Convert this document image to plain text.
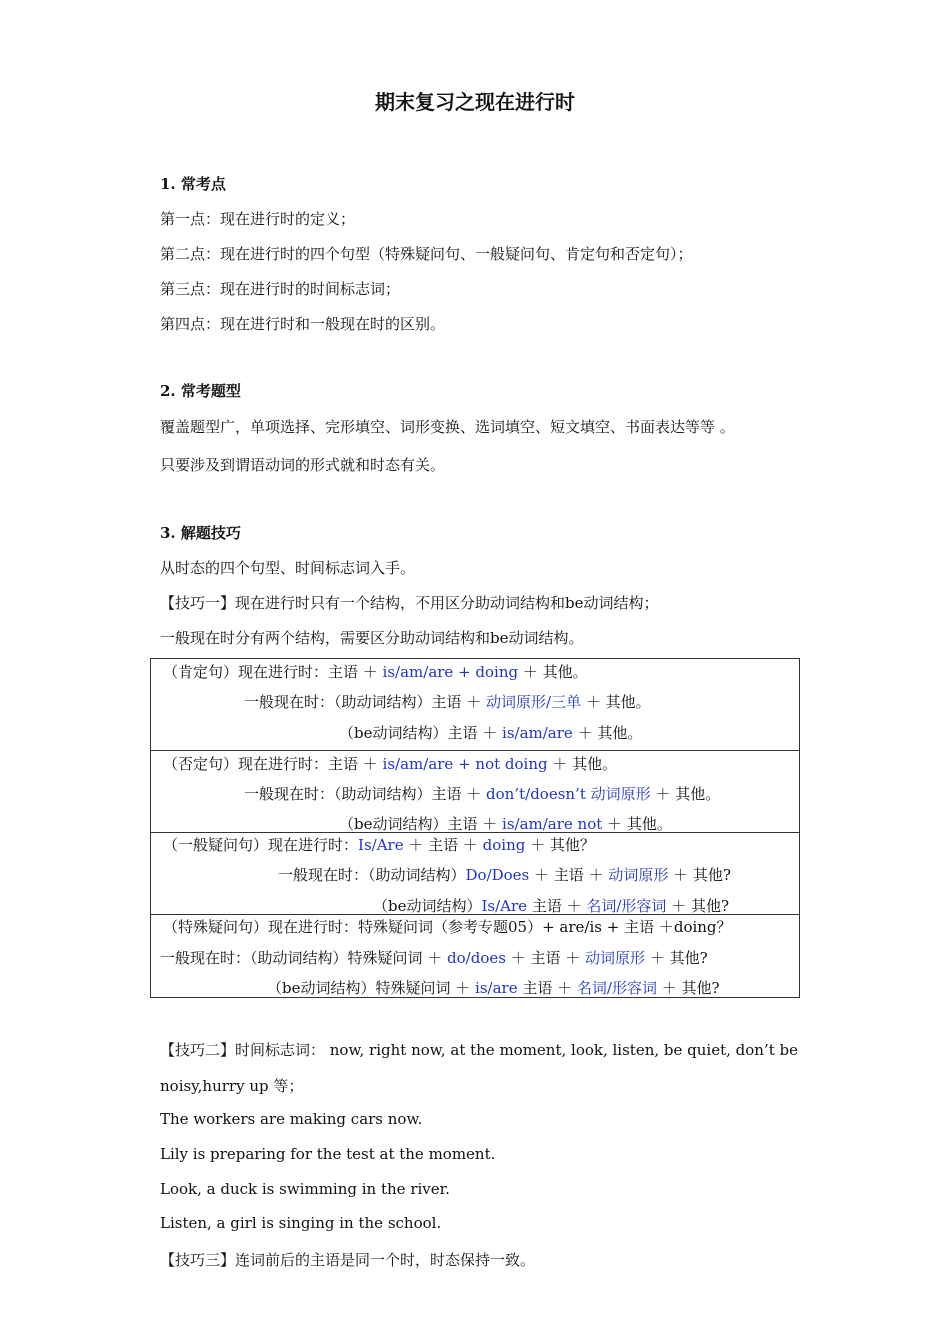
期末复习之现在进行时
1. 常考点
第一点：现在进行时的定义；
第二点：现在进行时的四个句型（特殊疑问句、一般疑问句、肯定句和否定句）；
第三点：现在进行时的时间标志词；
第四点：现在进行时和一般现在时的区别。
2. 常考题型
覆盖题型广，单项选择、完形填空、词形变换、选词填空、短文填空、书面表达等等 。
只要涉及到谓语动词的形式就和时态有关。
3. 解题技巧
从时态的四个句型、时间标志词入手。
【技巧一】现在进行时只有一个结构，不用区分助动词结构和be动词结构；
一般现在时分有两个结构，需要区分助动词结构和be动词结构。
（肯定句）现在进行时：主语 ＋ is/am/are + doing ＋ 其他。
一般现在时：（助动词结构）主语 ＋ 动词原形/三单 ＋ 其他。
（be动词结构）主语 ＋ is/am/are ＋ 其他。

（否定句）现在进行时：主语 ＋ is/am/are + not doing ＋ 其他。
一般现在时：（助动词结构）主语 ＋ don’t/doesn’t 动词原形 ＋ 其他。
（be动词结构）主语 ＋ is/am/are not ＋ 其他。

（一般疑问句）现在进行时：Is/Are ＋ 主语 ＋ doing ＋ 其他？
一般现在时：（助动词结构）Do/Does ＋ 主语 ＋ 动词原形 ＋ 其他?
（be动词结构）Is/Are 主语 ＋ 名词/形容词 ＋ 其他?

（特殊疑问句）现在进行时：特殊疑问词（参考专题05）+ are/is + 主语 ＋doing？
一般现在时：（助动词结构）特殊疑问词 ＋ do/does ＋ 主语 ＋ 动词原形 ＋ 其他?
（be动词结构）特殊疑问词 ＋ is/are 主语 ＋ 名词/形容词 ＋ 其他?
【技巧二】时间标志词： now, right now, at the moment, look, listen, be quiet, don’t be
noisy,hurry up 等；
The workers are making cars now.
Lily is preparing for the test at the moment.
Look, a duck is swimming in the river.
Listen, a girl is singing in the school.
【技巧三】连词前后的主语是同一个时，时态保持一致。
